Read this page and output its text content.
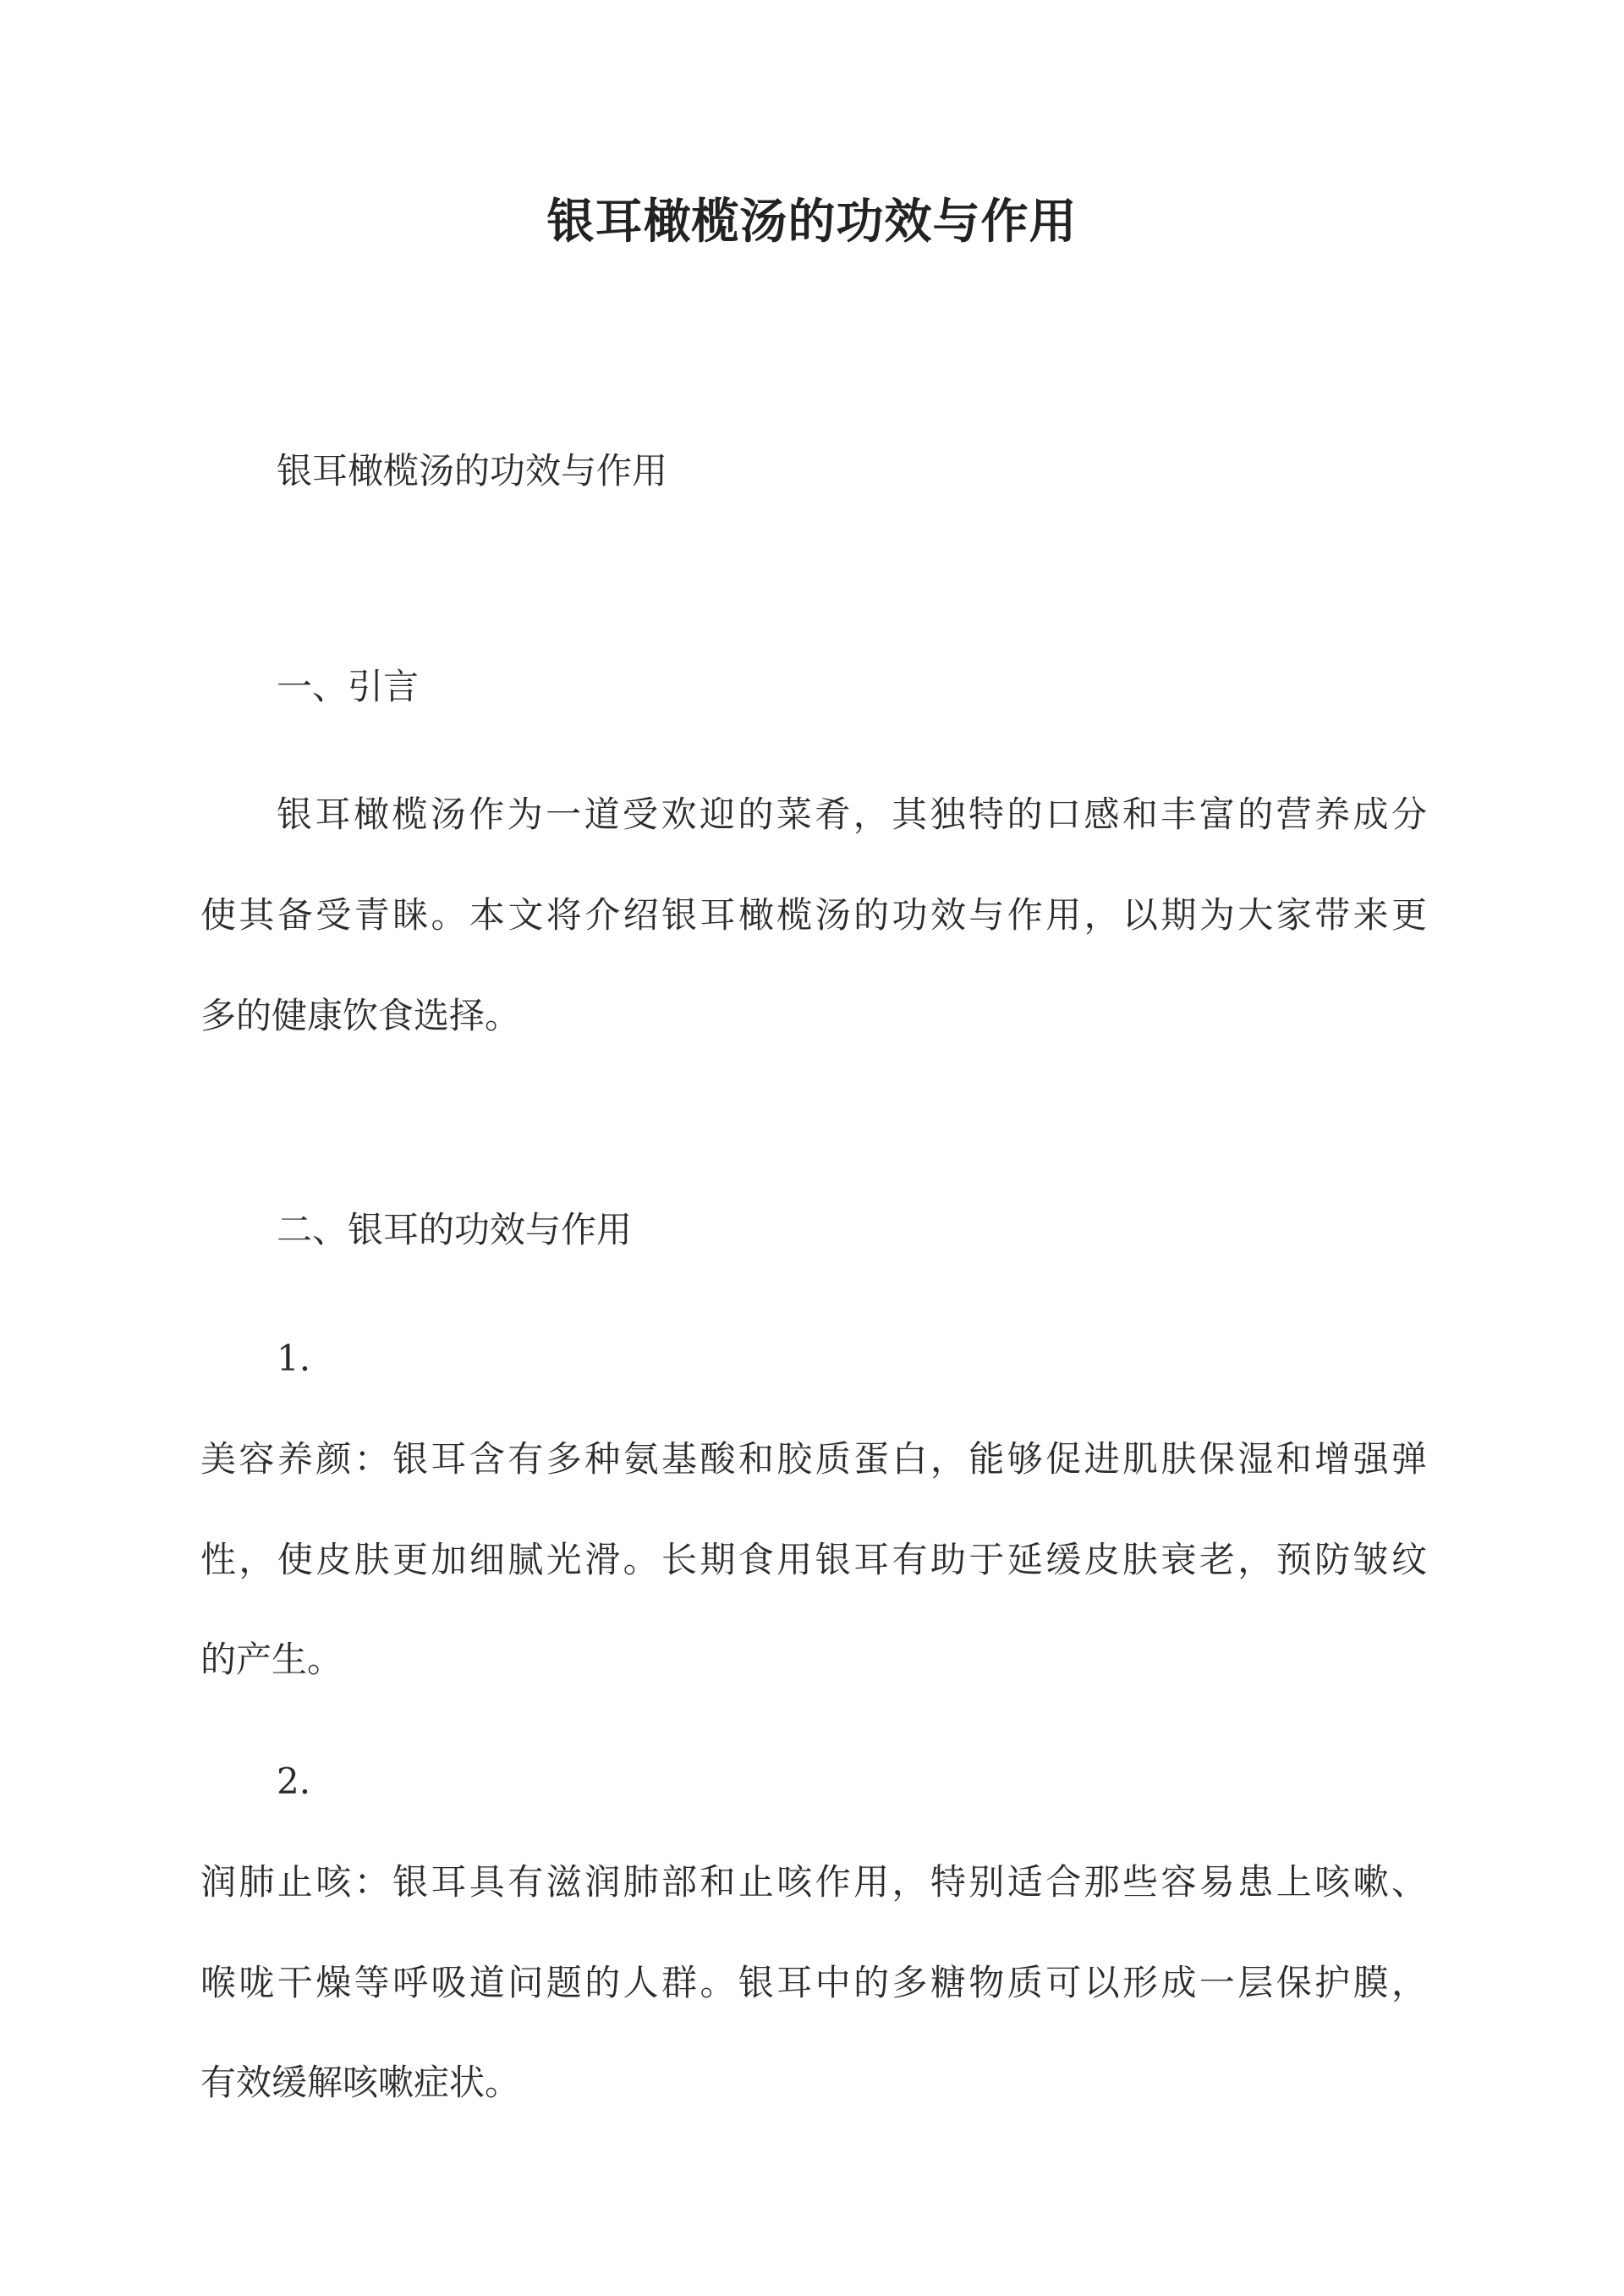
银耳橄榄汤的功效与作用
银耳橄榄汤的功效与作用
一、引言
银耳橄榄汤作为一道受欢迎的菜肴，其独特的口感和丰富的营养成分
使其备受青睐。本文将介绍银耳橄榄汤的功效与作用，以期为大家带来更
多的健康饮食选择。
二、银耳的功效与作用
1.
美容养颜：银耳含有多种氨基酸和胶质蛋白，能够促进肌肤保湿和增强弹
性，使皮肤更加细腻光滑。长期食用银耳有助于延缓皮肤衰老，预防皱纹
的产生。
2.
润肺止咳：银耳具有滋润肺部和止咳作用，特别适合那些容易患上咳嗽、
喉咙干燥等呼吸道问题的人群。银耳中的多糖物质可以形成一层保护膜，
有效缓解咳嗽症状。
